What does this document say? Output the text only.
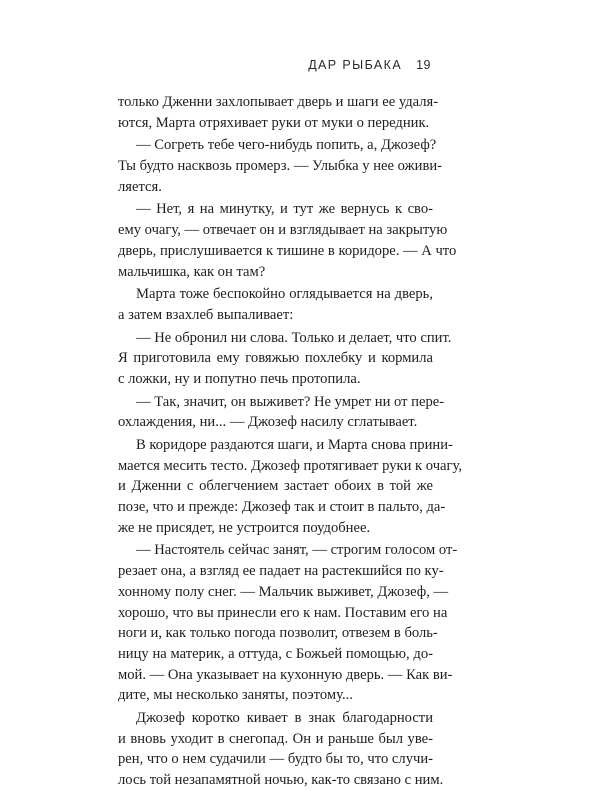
ДАР РЫБАКА 19
только Дженни захлопывает дверь и шаги ее удаля-
ются, Марта отряхивает руки от муки о передник.
— Согреть тебе чего-нибудь попить, а, Джозеф?
Ты будто насквозь промерз. — Улыбка у нее оживи-
ляется.
— Нет, я на минутку, и тут же вернусь к сво-
ему очагу, — отвечает он и взглядывает на закрытую
дверь, прислушивается к тишине в коридоре. — А что
мальчишка, как он там?
Марта тоже беспокойно оглядывается на дверь,
а затем взахлеб выпаливает:
— Не обронил ни слова. Только и делает, что спит.
Я приготовила ему говяжью похлебку и кормила
с ложки, ну и попутно печь протопила.
— Так, значит, он выживет? Не умрет ни от пере-
охлаждения, ни... — Джозеф насилу сглатывает.
В коридоре раздаются шаги, и Марта снова прини-
мается месить тесто. Джозеф протягивает руки к очагу,
и Дженни с облегчением застает обоих в той же
позе, что и прежде: Джозеф так и стоит в пальто, да-
же не присядет, не устроится поудобнее.
— Настоятель сейчас занят, — строгим голосом от-
резает она, а взгляд ее падает на растекшийся по ку-
хонному полу снег. — Мальчик выживет, Джозеф, —
хорошо, что вы принесли его к нам. Поставим его на
ноги и, как только погода позволит, отвезем в боль-
ницу на материк, а оттуда, с Божьей помощью, до-
мой. — Она указывает на кухонную дверь. — Как ви-
дите, мы несколько заняты, поэтому...
Джозеф коротко кивает в знак благодарности
и вновь уходит в снегопад. Он и раньше был уве-
рен, что о нем судачили — будто бы то, что случи-
лось той незапамятной ночью, как-то связано с ним.
